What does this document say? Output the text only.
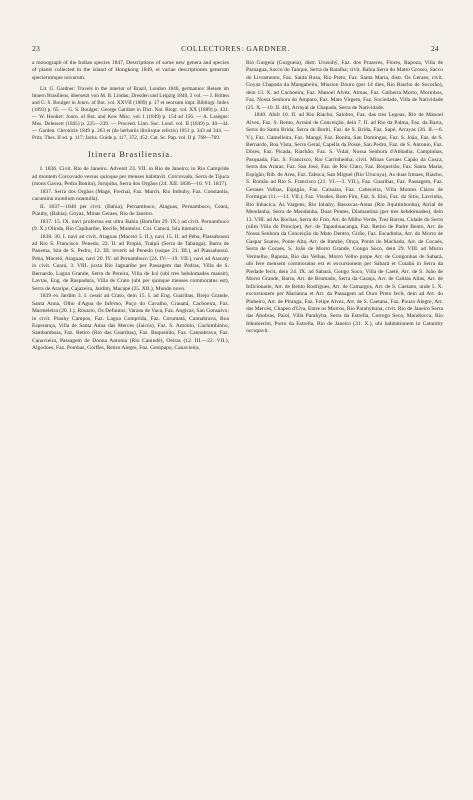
23	COLLECTORES: GARDNER.	24

a monograph of the Indian species 1847, Descriptions of some new genera and species of plants collected in the island of Hongkong 1849, et variae descriptiones generum specierumque novarum.

Lit. G. Gardner: Travels in the interior of Brazil, London 1846, germanice: Reisen im Innern Brasiliens, übersetzt von M. B. Lindau, Dresden und Leipzig 1848, 2 vol. — J. Britten and G. S. Boulger in Journ. of Bot. vol. XXVII (1889) p. 17 et seorsum impr. Bibliogr. Index (1893) p. 65. — G. S. Boulger: George Gardner in Dict. Nat. Biogr. vol. XX (1889) p. 431. — W. Hooker: Journ. of Bot. and Kew Misc. vol. I (1849) p. 154 ad 156. — A. Lasègue: Mus. Delessert (1845) p. 235—239. — Proceed. Linn. Soc. Lond. vol. II (1849) p. 40—44. — Garden. Chronicle 1849 p. 263 et (de herbariis libriisque relictis) 1851 p. 343 ad 344. — Pritz. Thes. II ed. p. 117; Jacks. Guide p. 117, 372, 452; Cat. Sc. Pap. vol. II p. 768—769.

Itinera Brasiliensia.

I. 1836. Civit. Rio de Janeiro. Advenit 23. VII. in Rio de Janeiro; in Rio Campride ad montem Corcovado versus quinque per menses habitavit. Corcovado, Serra de Tijuca (mons Gavea, Pedra Bonita), Jurujuba, Serra dos Orgãos (24. XII. 1836—10. VI. 1837).

1837. Serra dos Orgãos (Magé, Frechal, Faz. March, Rio Imbuhy, Faz. Constantia, cacumina montium nonnulla).

II. 1837—1840 per civit. (Bahia), Pernambuco, Alagoas, Pernambuco, Ceará, Piauhy, (Bahia), Goyaz, Minas Geraes, Rio de Janeiro.

1837. 15. IX. navi profectus est ultra Bahia (Bomfim 29. IX.) ad civit. Pernambuco (9. X.) Olinda, Rio Capibaribe, Recife, Monteiro. Col. Catucá, Isla Itamaricá.

1838. 30. I. navi ad civit. Alagoas (Maceió 5. II.), navi 15. II. ad Peba, Piassabussú ad Rio S. Francisco. Penedo, 22. II. ad Propiá, Traipú (Serra de Tabanga). Barra de Panema, Isla de S. Pedro, 12. III. reverit ad Penedo (usque 21. III.), ad Piassabussú. Peba, Maceió, Alagoas, navi 20. IV. ad Pernambuco (24. IV.—19. VII.), navi ad Aracaty in civit. Ceará, 3. VIII. juxta Rio Jaguaribe per Passagem das Pedras, Villa de S. Bernardo, Lagoa Grande, Serra de Pereira, Villa de Icó (ubi tres hebdomades mansit), Lavras, Eng. de Raspadura, Villa de Crato (ubi per quinque menses commoratus est), Serra de Araripe, Cajazeira, Jardim, Macapé (25. XII.), Mundo novo.

1839 ex Jardim 3. I. cessit ad Crato, dein 15. I. ad Eng. Guaribas, Brejo Grande, Santa Anna, Olho d'Agoa de Inferno, Poço do Cavalho, Crauatá, Cachoeira, Faz. Marmeleira (20. I.), Rosario, Os Defuntos, Varzea de Vaca, Faz. Angicas, San Gonsalvo; in civit. Piauhy Campos, Faz. Lagoa Comprida, Faz. Corumatá, Cannabrava, Boa Esperança, Villa de Santa Anna das Merces (Jaicós), Faz. S. Antonio, Cachimbinho, Sambambaia, Faz. Retiro (Rio das Guaribas), Faz. Buqueirão, Faz. Cannabrava, Faz. Canavieira, Passagem de Donna Antonia (Rio Canindé), Oeiras (12. III.—22. VII.), Algodoes, Faz. Pombas, Goiffes, Retiro Alegre, Faz. Genipapo, Canavieira,

Rio Gurgeia (Gurgueia), distr. Urusuhý, Faz. dos Prazeres, Flores, Rapoza, Villa de Parnagua, Sacco do Tanque, Serra da Batalha; civit. Bahia Serra do Matto Grosso, Sacco do Livramento, Faz. Santa Rosa, Rio Preto, Faz. Santa Maria, distr. Os Geraes; civit. Goyaz Chapada da Mangabeira, Mission Douro (per 14 dies, Rio Riacho de Socorão), dein 13. X. ad Cachoeira, Faz. Manoel Alvez, Almas, Faz. Galheira Morto, Morinhos, Faz. Nossa Senhora do Amparo, Faz. Mato Virgem, Faz. Sociedade, Villa de Natividade (25. X.—10. II. 40), Arrayal de Chapada, Serra de Natividade.

1840. Abiit 10. II. ad Rio Riacho, Salobro, Faz. das tres Legoas, Rio de Manoel Alvez, Faz. S. Bento, Arraial de Conceição, dein 7. II. ad Rio da Palma, Faz. da Barra, Serra do Santa Brida, Serra do Buriti, Faz. de S. Brida, Faz. Sapé, Arrayas (26. II.—6. V.), Faz. Gamelleira, Faz. Mangé, Faz. Bonita, San Domingos, Faz. S. João, Faz. de S. Bernardo, Boa Vista, Serra Geral, Capella da Posse, San Pedro, Faz. de S. Antonio, Faz. Dôres, Faz. Picada, Riachão, Faz. S. Vidal, Nossa Senhora d'Abbadia, Campinhas, Pasquada, Faz. S. Francisco, Rio Carrinhenha; civit. Minas Geraes Capão da Cusca, Serra das Araras, Faz. San José, Faz. de Rio Claro, Faz. Boqueirão, Faz. Santa Maria, Espigão, Rib. de Area, Faz. Taboca, San Miguel (Rio Urucuya), As duas Irmaes, Riacho, S. Romão ad Rio S. Francisco (21. VI.—3. VII.), Faz. Guaribas, Faz. Passagem, Faz. Gerases Velhas, Espigão, Faz. Caissára, Faz. Cabeceira, Villa Montes Claros de Formigas (11.—13. VII.), Faz. Vissdes, Bom Fim, Faz. S. Eloi, Faz. do Sitio, Lavrinha, Rio Inhacica, As Vargens, Rio Inhaby, Bassocas-Areas (Rio Jiquitinhonha), Arrial de Mendanha, Serra de Mendanha, Duas Pontes, Diamantina (per tres hebdomades), dein 13. VIII. ad As Rochas, Serra do Frio, Arr. de Milho Verde, Tres Barras, Cidade do Serro (olim Villa do Principe), Arr. de Tapanhuacanga, Faz. Retiro de Padre Bento, Arr. de Nossa Senhora da Conceição do Mato Dentro, Girão, Faz. Escadinha, Arr. do Morro de Gaspar Soares, Ponte Alta, Arr. de Itambé, Onça, Ponte do Machado, Arr. de Cocaés, Serra de Cocaés, S. João de Morro Grande, Gongo Soco, dein 29. VIII. ad Morro Vermelho, Rapoza, Rio das Velhas, Morro Velho prope Arr. de Congonhas de Sabará, ubi fere mensem commoratus est et excursionem per Sabará et Cuiabá in Serra da Piedade fecit, dein 24. IX. ad Sabará, Gongo Soco, Villa de Caeté, Arr. de S. João de Morro Grande, Barra, Arr. de Brumado, Serra da Caraça, Arr. de Caittas Altas, Arr. de Inficionado, Arr. de Bento Rodrigues, Arr. de Camargos, Arr. de S. Caetano, unde 5. X. excursionem per Marianna et Arr. da Passagem ad Ouro Preto fecit, dein ad Arr. do Pinheiro, Arr. de Piranga, Faz. Felipe Alvez, Arr. de S. Caetana, Faz. Pouzo Alegre, Arr. das Mercês, Chapeo d'Uva, Entre os Morros, Rio Parahybuna, civit. Rio de Janeiro Serra das Abobras, Paiol, Villa Parahyba, Serra da Estrella, Corrego Seco, Mandiocca, Rio Inhomerim, Porto da Estrella, Rio de Janeiro (31. X.), ubi habitationem in Catumby occupavit.
